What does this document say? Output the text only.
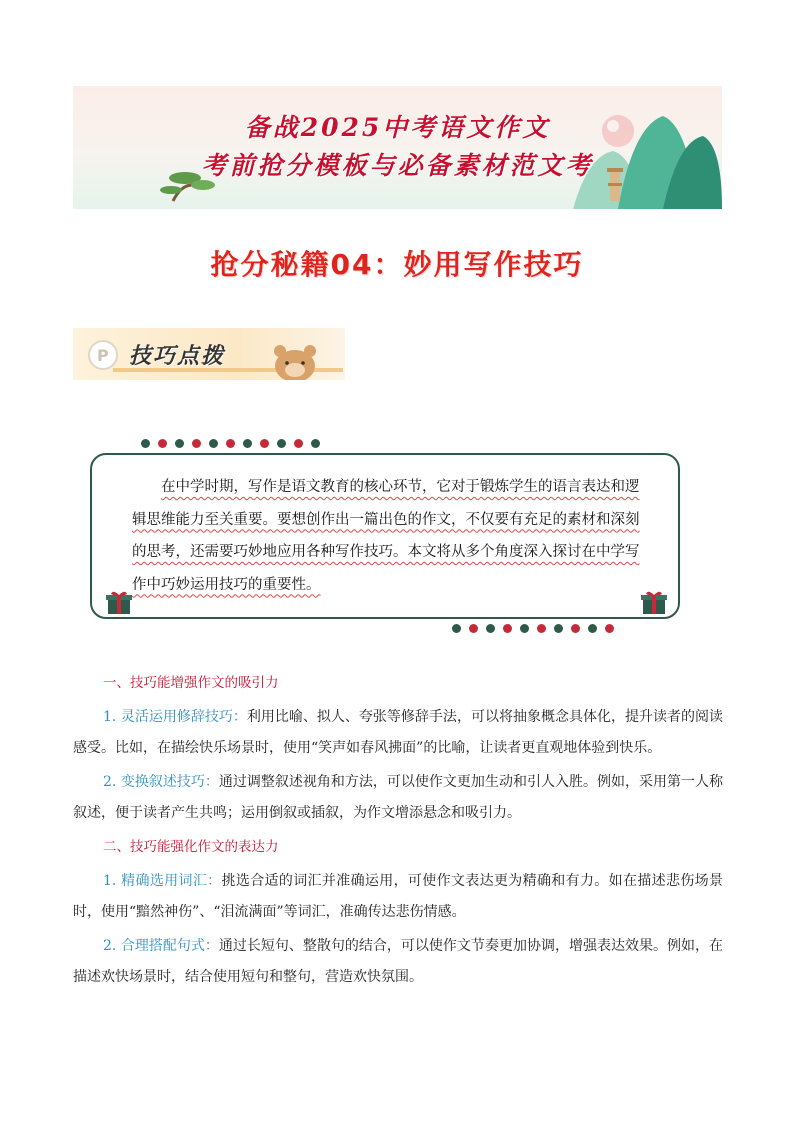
备战2025中考语文作文
考前抢分模板与必备素材范文考
抢分秘籍04：妙用写作技巧
P 技巧点拨

在中学时期，写作是语文教育的核心环节，它对于锻炼学生的语言表达和逻辑思维能力至关重要。要想创作出一篇出色的作文，不仅要有充足的素材和深刻的思考，还需要巧妙地应用各种写作技巧。本文将从多个角度深入探讨在中学写作中巧妙运用技巧的重要性。

一、技巧能增强作文的吸引力

1. 灵活运用修辞技巧：利用比喻、拟人、夸张等修辞手法，可以将抽象概念具体化，提升读者的阅读感受。比如，在描绘快乐场景时，使用“笑声如春风拂面”的比喻，让读者更直观地体验到快乐。

2. 变换叙述技巧：通过调整叙述视角和方法，可以使作文更加生动和引人入胜。例如，采用第一人称叙述，便于读者产生共鸣；运用倒叙或插叙，为作文增添悬念和吸引力。

二、技巧能强化作文的表达力

1. 精确选用词汇：挑选合适的词汇并准确运用，可使作文表达更为精确和有力。如在描述悲伤场景时，使用“黯然神伤”、“泪流满面”等词汇，准确传达悲伤情感。

2. 合理搭配句式：通过长短句、整散句的结合，可以使作文节奏更加协调，增强表达效果。例如，在描述欢快场景时，结合使用短句和整句，营造欢快氛围。
